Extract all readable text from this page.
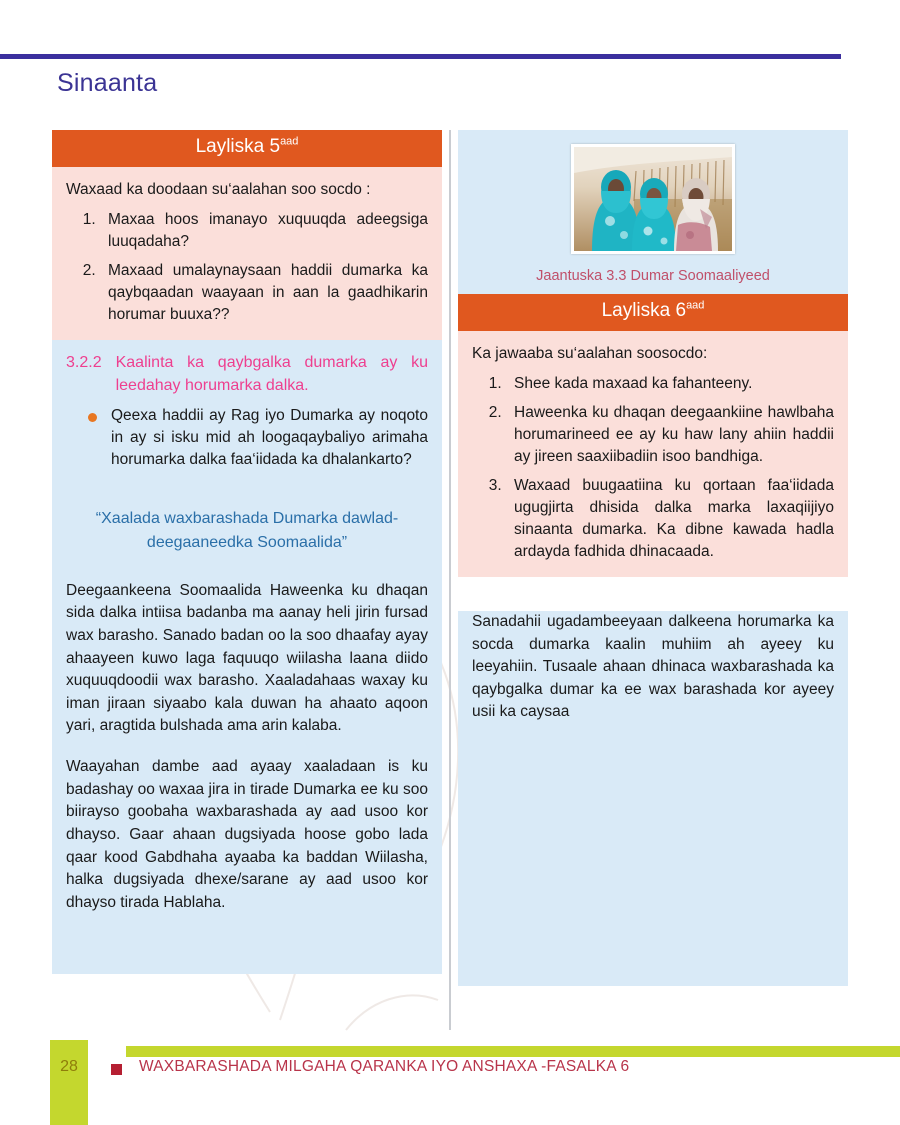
Sinaanta
Layliska $5^{aad}$
Waxaad ka doodaan su‘aalahan soo socdo :
1. Maxaa hoos imanayo xuquuqda adeegsiga luuqadaha?
2. Maxaad umalaynaysaan haddii dumarka ka qaybqaadan waayaan in aan la gaadhikarin horumar buuxa??
3.2.2 Kaalinta ka qaybgalka dumarka ay ku leedahay horumarka dalka.
Qeexa haddii ay Rag iyo Dumarka ay noqoto in ay si isku mid ah loogaqaybaliyo arimaha horumarka dalka faa‘iidada ka dhalankarto?
“Xaalada waxbarashada Dumarka dawlad-deegaaneedka Soomaalida”
Deegaankeena Soomaalida Haweenka ku dhaqan sida dalka intiisa badanba ma aanay heli jirin fursad wax barasho. Sanado badan oo la soo dhaafay ayay ahaayeen kuwo laga faquuqo wiilasha laana diido xuquuqdoodii wax barasho. Xaaladahaas waxay ku iman jiraan siyaabo kala duwan ha ahaato aqoon yari, aragtida bulshada ama arin kalaba.
Waayahan dambe aad ayaay xaaladaan is ku badashay oo waxaa jira in tirade Dumarka ee ku soo biirayso goobaha waxbarashada ay aad usoo kor dhayso. Gaar ahaan dugsiyada hoose gobo lada qaar kood Gabdhaha ayaaba ka baddan Wiilasha, halka dugsiyada dhexe/sarane ay aad usoo kor dhayso tirada Hablaha.
Jaantuska 3.3 Dumar Soomaaliyeed
Layliska $6^{aad}$
Ka jawaaba su‘aalahan soosocdo:
1. Shee kada maxaad ka fahanteeny.
2. Haweenka ku dhaqan deegaankiine hawlbaha horumarineed ee ay ku haw lany ahiin haddii ay jireen saaxiibadiin isoo bandhiga.
3. Waxaad buugaatiina ku qortaan faa‘iidada ugugjirta dhisida dalka marka laxaqiijiyo sinaanta dumarka. Ka dibne kawada hadla ardayda fadhida dhinacaada.
Sanadahii ugadambeeyaan dalkeena horumarka ka socda dumarka kaalin muhiim ah ayeey ku leeyahiin. Tusaale ahaan dhinaca waxbarashada ka qaybgalka dumar ka ee wax barashada kor ayeey usii ka caysaa
28	WAXBARASHADA MILGAHA QARANKA IYO ANSHAXA -FASALKA 6
